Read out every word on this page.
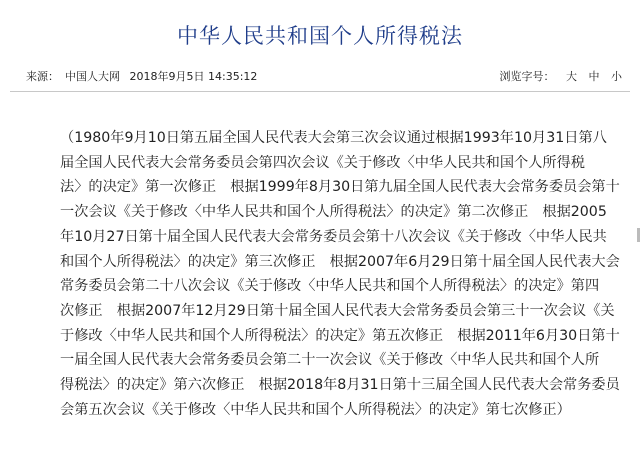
中华人民共和国个人所得税法
来源： 中国人大网 2018年9月5日 14:35:12	浏览字号： 大 中 小
（1980年9月10日第五届全国人民代表大会第三次会议通过根据1993年10月31日第八
届全国人民代表大会常务委员会第四次会议《关于修改〈中华人民共和国个人所得税
法〉的决定》第一次修正　根据1999年8月30日第九届全国人民代表大会常务委员会第十
一次会议《关于修改〈中华人民共和国个人所得税法〉的决定》第二次修正　根据2005
年10月27日第十届全国人民代表大会常务委员会第十八次会议《关于修改〈中华人民共
和国个人所得税法〉的决定》第三次修正　根据2007年6月29日第十届全国人民代表大会
常务委员会第二十八次会议《关于修改〈中华人民共和国个人所得税法〉的决定》第四
次修正　根据2007年12月29日第十届全国人民代表大会常务委员会第三十一次会议《关
于修改〈中华人民共和国个人所得税法〉的决定》第五次修正　根据2011年6月30日第十
一届全国人民代表大会常务委员会第二十一次会议《关于修改〈中华人民共和国个人所
得税法〉的决定》第六次修正　根据2018年8月31日第十三届全国人民代表大会常务委员
会第五次会议《关于修改〈中华人民共和国个人所得税法〉的决定》第七次修正）
